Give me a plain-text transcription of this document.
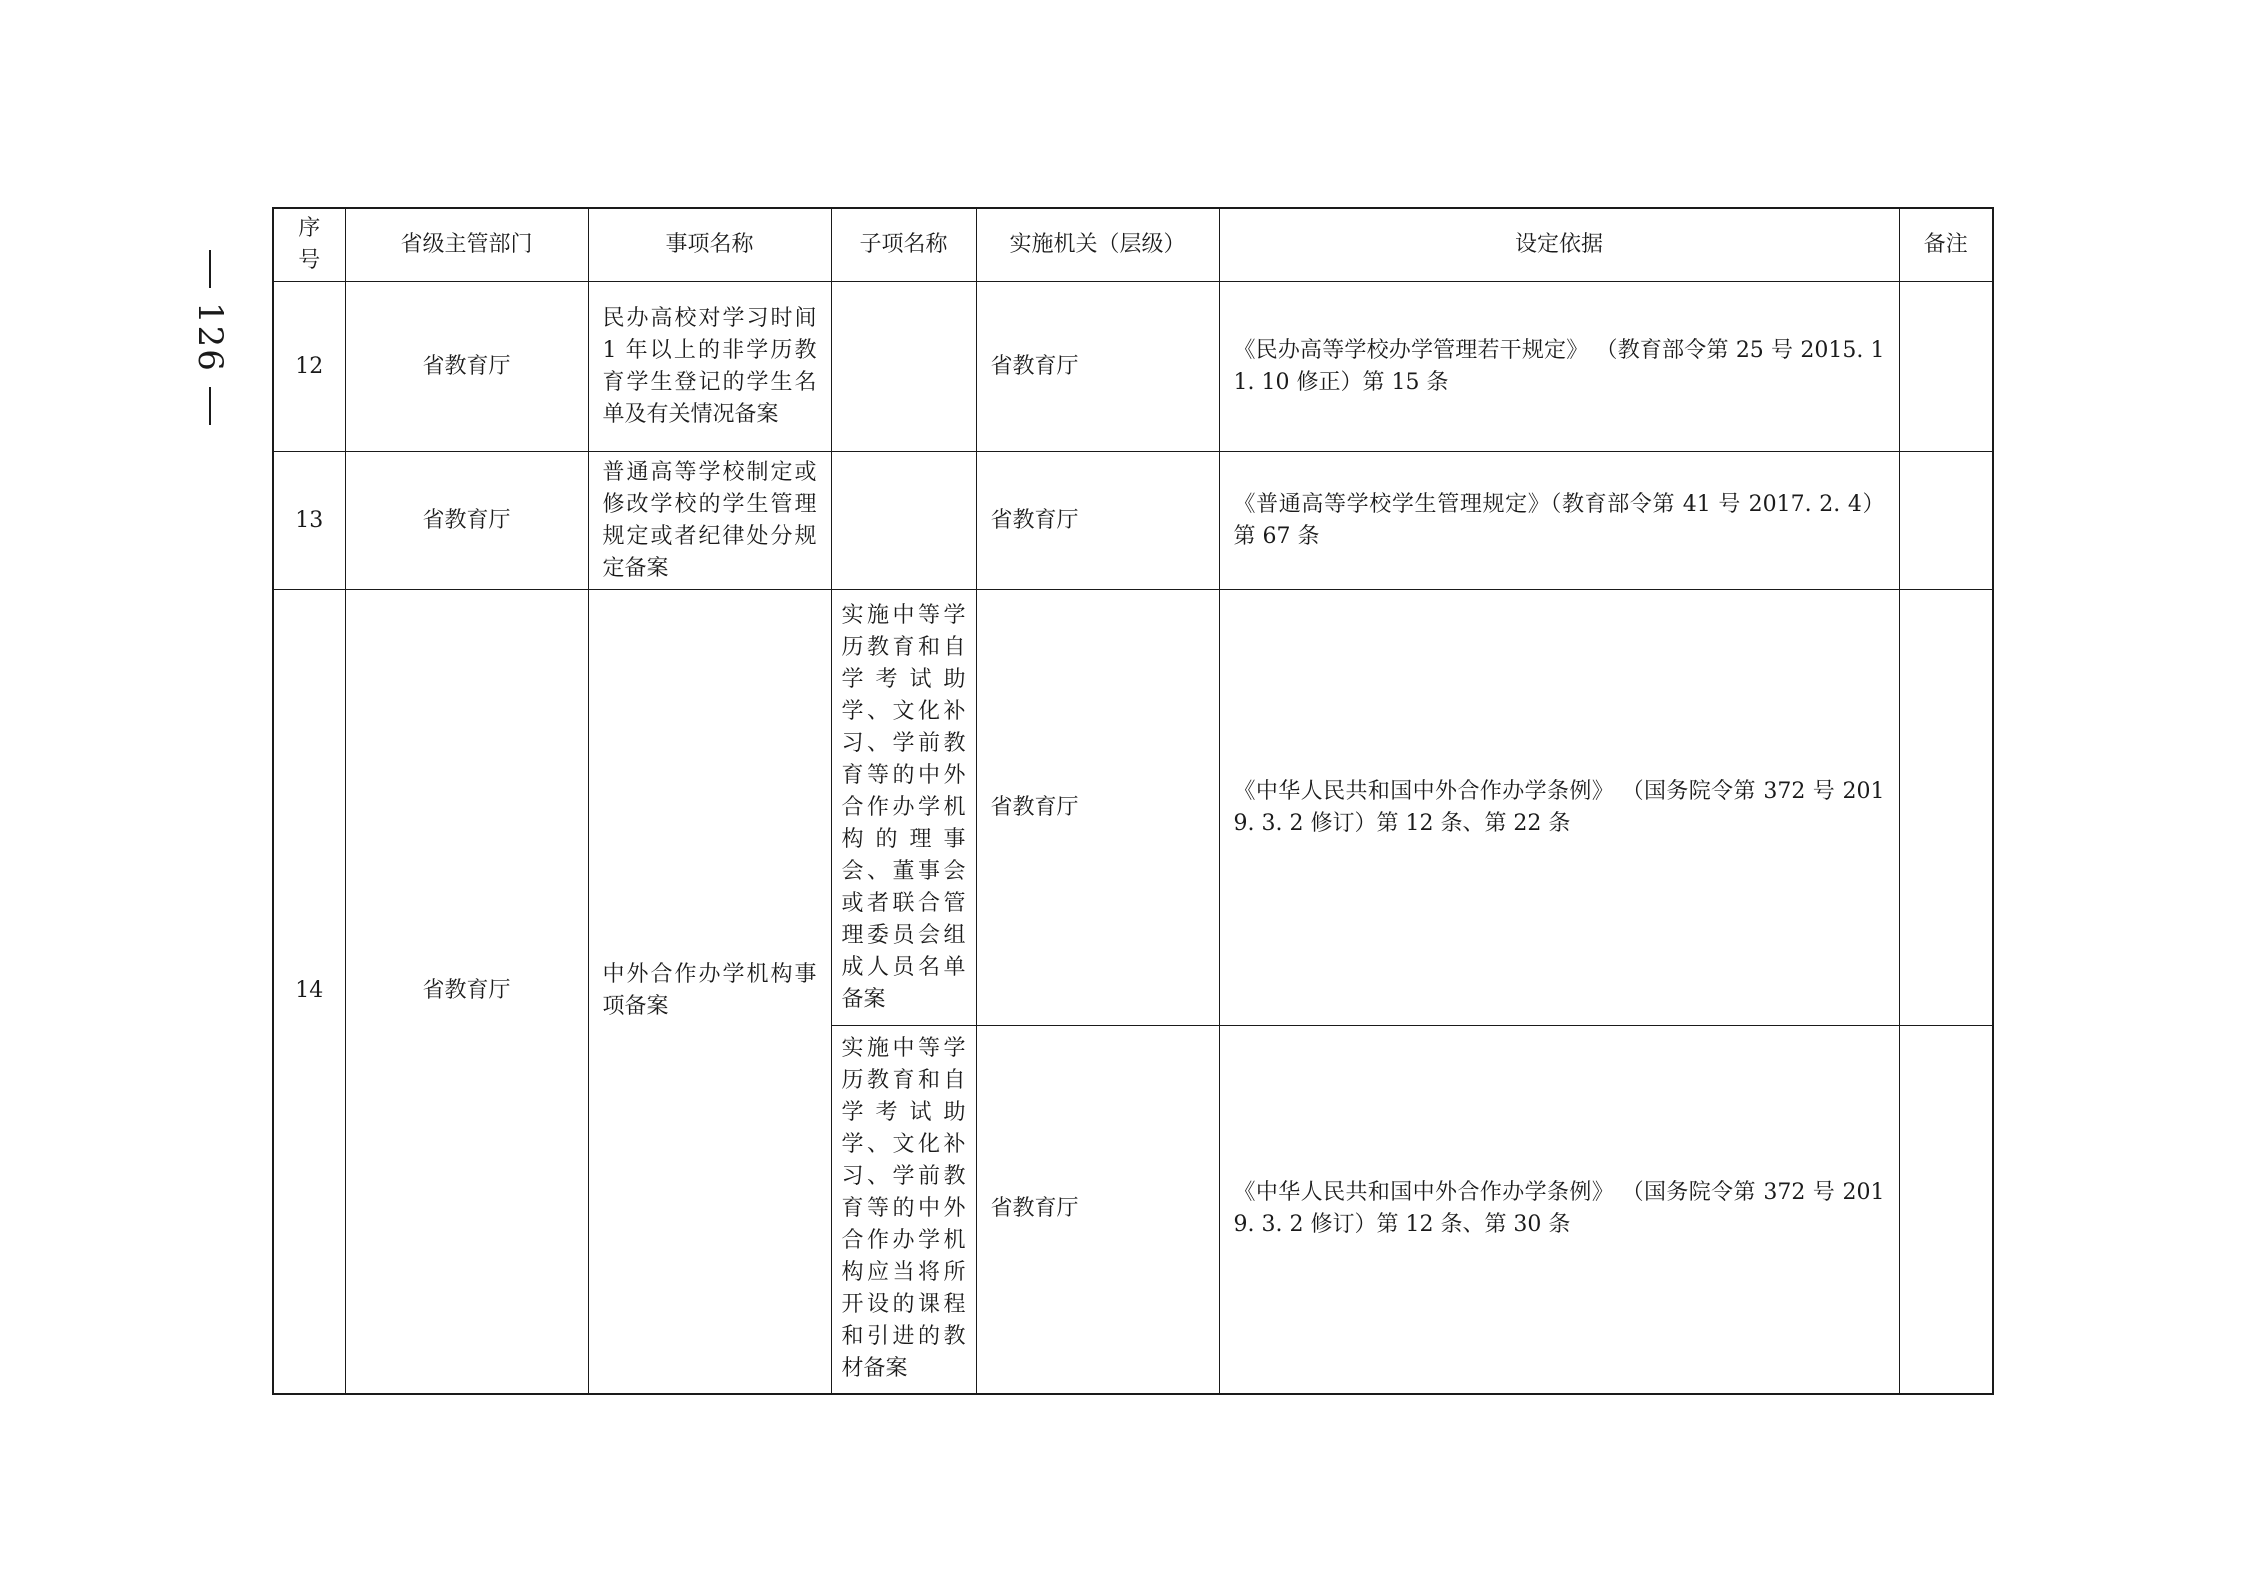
126
序号	省级主管部门	事项名称	子项名称	实施机关（层级）	设定依据	备注
12	省教育厅	民办高校对学习时间 1 年以上的非学历教育学生登记的学生名单及有关情况备案		省教育厅	《民办高等学校办学管理若干规定》 （教育部令第 25 号 2015. 11. 10 修正）第 15 条	
13	省教育厅	普通高等学校制定或修改学校的学生管理规定或者纪律处分规定备案		省教育厅	《普通高等学校学生管理规定》（教育部令第 41 号 2017. 2. 4）第 67 条	
14	省教育厅	中外合作办学机构事项备案	实施中等学历教育和自学考试助学、文化补习、学前教育等的中外合作办学机构的理事会、董事会或者联合管理委员会组成人员名单备案	省教育厅	《中华人民共和国中外合作办学条例》 （国务院令第 372 号 2019. 3. 2 修订）第 12 条、第 22 条	
			实施中等学历教育和自学考试助学、文化补习、学前教育等的中外合作办学机构应当将所开设的课程和引进的教材备案	省教育厅	《中华人民共和国中外合作办学条例》 （国务院令第 372 号 2019. 3. 2 修订）第 12 条、第 30 条	
